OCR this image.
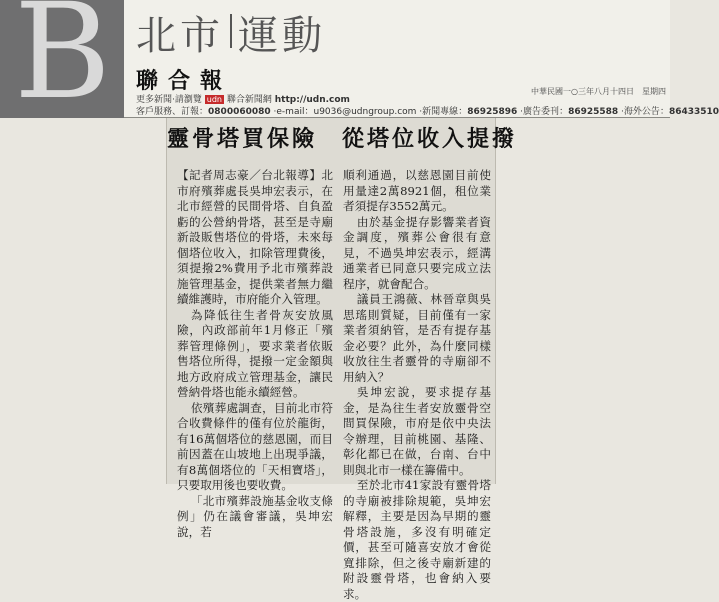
B 北市 運動
聯合報
更多新聞‧請瀏覽 udn 聯合新聞網 http://udn.com
客戶服務、訂報：0800060080 ‧e-mail：u9036@udngroup.com ‧新聞專線：86925896 ‧廣告委刊：86925588 ‧海外公告：86433510
中華民國一○三年八月十四日　星期四
靈骨塔買保險　從塔位收入提撥

【記者周志豪／台北報導】北市府殯葬處長吳坤宏表示，在北市經營的民間骨塔、自負盈虧的公營納骨塔，甚至是寺廟新設販售塔位的骨塔，未來每個塔位收入，扣除管理費後，須提撥2%費用予北市殯葬設施管理基金，提供業者無力繼續維護時，市府能介入管理。

為降低往生者骨灰安放風險，內政部前年1月修正「殯葬管理條例」，要求業者依販售塔位所得，提撥一定金額與地方政府成立管理基金，讓民營納骨塔也能永續經營。

依殯葬處調查，目前北市符合收費條件的僅有位於龍街，有16萬個塔位的慈恩園，而目前因蓋在山坡地上出現爭議，有8萬個塔位的「天相寶塔」，只要取用後也要收費。

「北市殯葬設施基金收支條例」仍在議會審議，吳坤宏說，若

順利通過，以慈恩園目前使用量達2萬8921個，租位業者須提存3552萬元。

由於基金提存影響業者資金調度，殯葬公會很有意見，不過吳坤宏表示，經溝通業者已同意只要完成立法程序，就會配合。

議員王鴻薇、林晉章與吳思瑤則質疑，目前僅有一家業者須納管，是否有提存基金必要？此外，為什麼同樣收放往生者靈骨的寺廟卻不用納入？

吳坤宏說，要求提存基金，是為往生者安放靈骨空間買保險，市府是依中央法令辦理，目前桃園、基隆、彰化都已在做，台南、台中則與北市一樣在籌備中。

至於北市41家設有靈骨塔的寺廟被排除規範，吳坤宏解釋，主要是因為早期的靈骨塔設施，多沒有明確定價，甚至可隨喜安放才會從寬排除，但之後寺廟新建的附設靈骨塔，也會納入要求。
